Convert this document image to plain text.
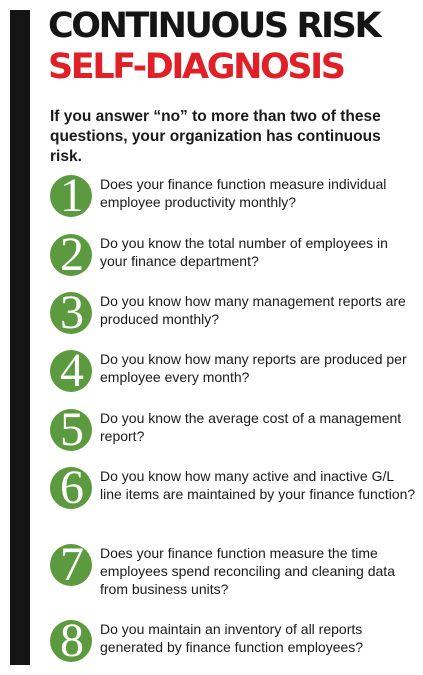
CONTINUOUS RISK
SELF-DIAGNOSIS

If you answer “no” to more than two of these questions, your organization has continuous risk.

1	Does your finance function measure individual employee productivity monthly?
2	Do you know the total number of employees in your finance department?
3	Do you know how many management reports are produced monthly?
4	Do you know how many reports are produced per employee every month?
5	Do you know the average cost of a management report?
6	Do you know how many active and inactive G/L line items are maintained by your finance function?
7	Does your finance function measure the time employees spend reconciling and cleaning data from business units?
8	Do you maintain an inventory of all reports generated by finance function employees?
